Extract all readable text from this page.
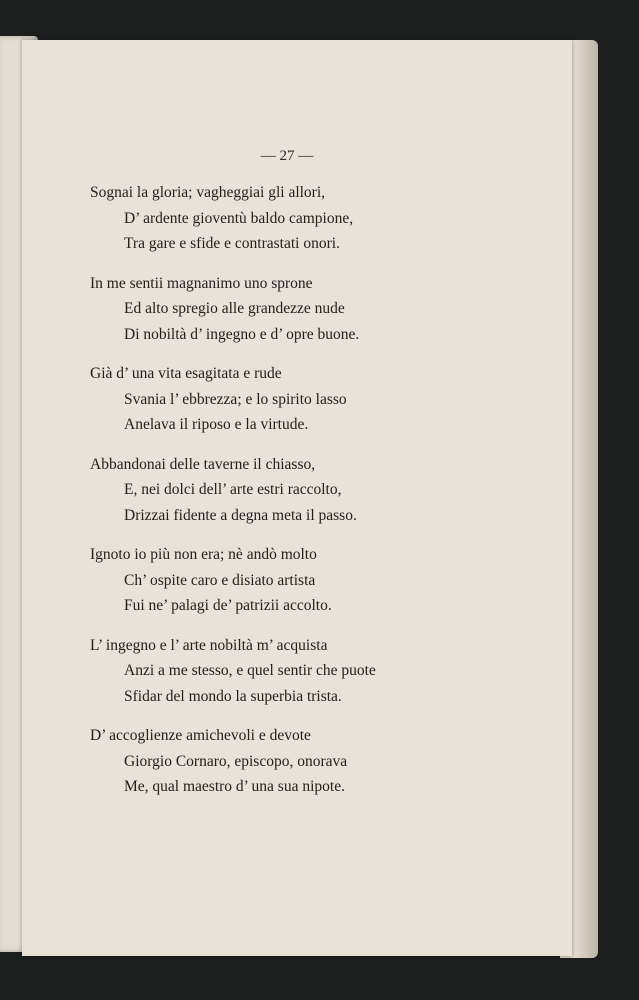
— 27 —
Sognai la gloria; vagheggiai gli allori,
D’ ardente gioventù baldo campione,
Tra gare e sfide e contrastati onori.
In me sentii magnanimo uno sprone
Ed alto spregio alle grandezze nude
Di nobiltà d’ ingegno e d’ opre buone.
Già d’ una vita esagitata e rude
Svania l’ ebbrezza; e lo spirito lasso
Anelava il riposo e la virtude.
Abbandonai delle taverne il chiasso,
E, nei dolci dell’ arte estri raccolto,
Drizzai fidente a degna meta il passo.
Ignoto io più non era; nè andò molto
Ch’ ospite caro e disiato artista
Fui ne’ palagi de’ patrizii accolto.
L’ ingegno e l’ arte nobiltà m’ acquista
Anzi a me stesso, e quel sentir che puote
Sfidar del mondo la superbia trista.
D’ accoglienze amichevoli e devote
Giorgio Cornaro, episcopo, onorava
Me, qual maestro d’ una sua nipote.
